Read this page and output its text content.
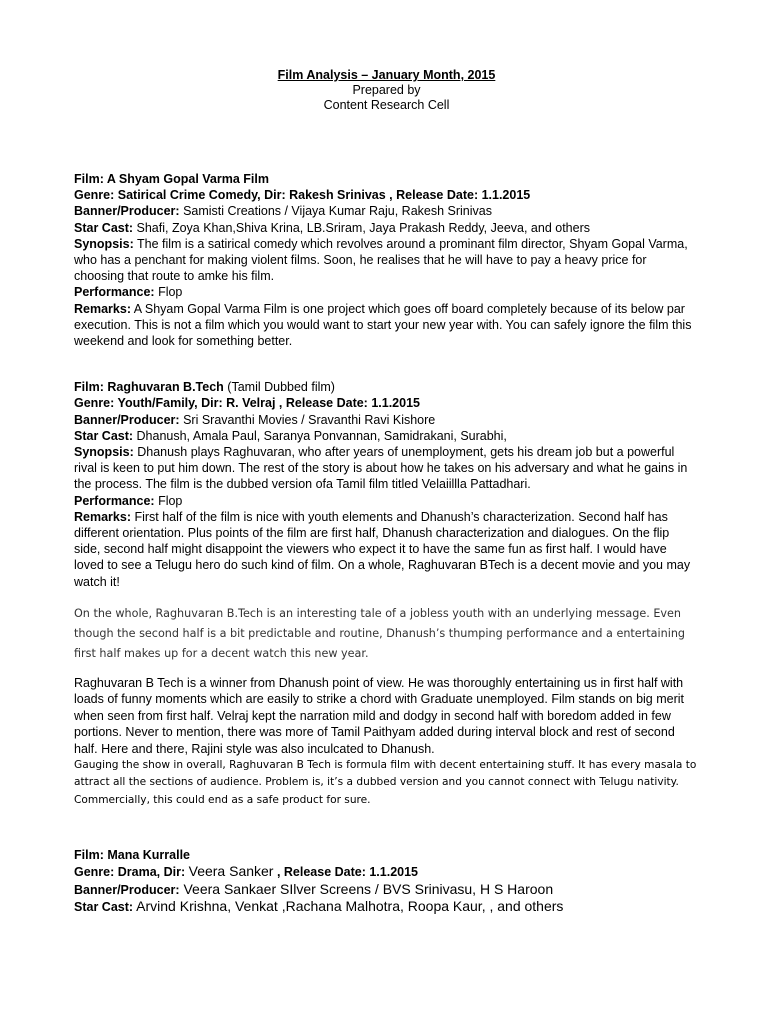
Film Analysis – January Month, 2015
Prepared by
Content Research Cell

Film: A Shyam Gopal Varma Film

Genre: Satirical Crime Comedy, Dir: Rakesh Srinivas , Release Date: 1.1.2015

Banner/Producer: Samisti Creations / Vijaya Kumar Raju, Rakesh Srinivas

Star Cast: Shafi, Zoya Khan,Shiva Krina, LB.Sriram, Jaya Prakash Reddy, Jeeva, and others

Synopsis: The film is a satirical comedy which revolves around a prominant film director, Shyam Gopal Varma, who has a penchant for making violent films. Soon, he realises that he will have to pay a heavy price for choosing that route to amke his film.

Performance: Flop

Remarks: A Shyam Gopal Varma Film is one project which goes off board completely because of its below par execution. This is not a film which you would want to start your new year with. You can safely ignore the film this weekend and look for something better.

Film: Raghuvaran B.Tech (Tamil Dubbed film)

Genre: Youth/Family, Dir: R. Velraj , Release Date: 1.1.2015

Banner/Producer: Sri Sravanthi Movies / Sravanthi Ravi Kishore

Star Cast: Dhanush, Amala Paul, Saranya Ponvannan, Samidrakani, Surabhi,

Synopsis: Dhanush plays Raghuvaran, who after years of unemployment, gets his dream job but a powerful rival is keen to put him down. The rest of the story is about how he takes on his adversary and what he gains in the process. The film is the dubbed version ofa Tamil film titled Velaiillla Pattadhari.

Performance: Flop

Remarks: First half of the film is nice with youth elements and Dhanush’s characterization. Second half has different orientation. Plus points of the film are first half, Dhanush characterization and dialogues. On the flip side, second half might disappoint the viewers who expect it to have the same fun as first half. I would have loved to see a Telugu hero do such kind of film. On a whole, Raghuvaran BTech is a decent movie and you may watch it!

On the whole, Raghuvaran B.Tech is an interesting tale of a jobless youth with an underlying message. Even though the second half is a bit predictable and routine, Dhanush’s thumping performance and a entertaining first half makes up for a decent watch this new year.

Raghuvaran B Tech is a winner from Dhanush point of view. He was thoroughly entertaining us in first half with loads of funny moments which are easily to strike a chord with Graduate unemployed. Film stands on big merit when seen from first half. Velraj kept the narration mild and dodgy in second half with boredom added in few portions. Never to mention, there was more of Tamil Paithyam added during interval block and rest of second half. Here and there, Rajini style was also inculcated to Dhanush.

Gauging the show in overall, Raghuvaran B Tech is formula film with decent entertaining stuff. It has every masala to attract all the sections of audience. Problem is, it’s a dubbed version and you cannot connect with Telugu nativity. Commercially, this could end as a safe product for sure.

Film: Mana Kurralle

Genre: Drama, Dir: Veera Sanker , Release Date: 1.1.2015

Banner/Producer: Veera Sankaer SIlver Screens / BVS Srinivasu, H S Haroon

Star Cast: Arvind Krishna, Venkat ,Rachana Malhotra, Roopa Kaur, , and others
